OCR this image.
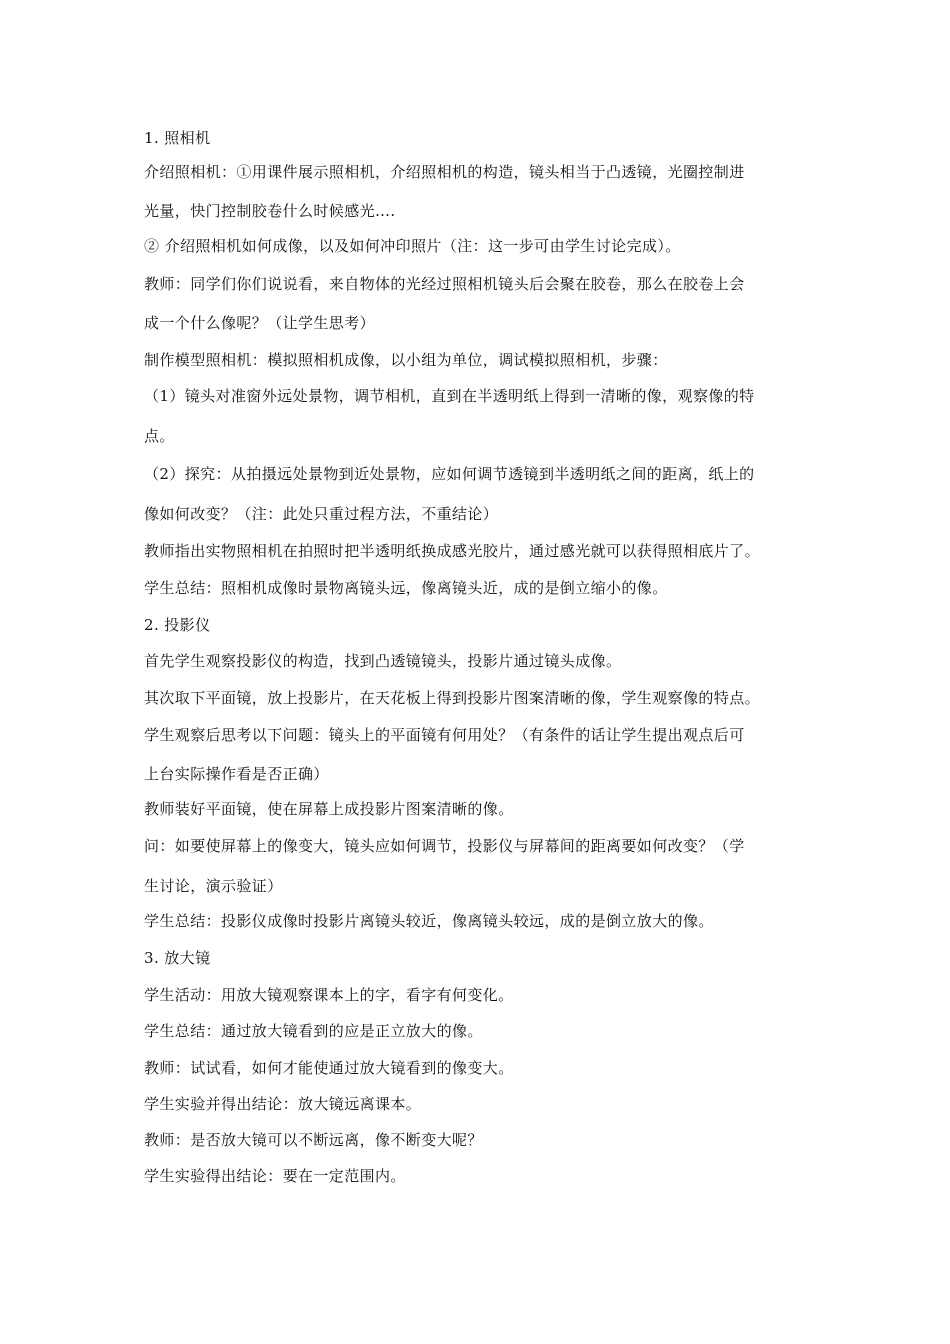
1. 照相机
介绍照相机：①用课件展示照相机，介绍照相机的构造，镜头相当于凸透镜，光圈控制进
光量，快门控制胶卷什么时候感光….
② 介绍照相机如何成像，以及如何冲印照片（注：这一步可由学生讨论完成）。
教师：同学们你们说说看，来自物体的光经过照相机镜头后会聚在胶卷，那么在胶卷上会
成一个什么像呢？（让学生思考）
制作模型照相机：模拟照相机成像，以小组为单位，调试模拟照相机，步骤：
（1）镜头对准窗外远处景物，调节相机，直到在半透明纸上得到一清晰的像，观察像的特
点。
（2）探究：从拍摄远处景物到近处景物，应如何调节透镜到半透明纸之间的距离，纸上的
像如何改变？（注：此处只重过程方法，不重结论）
教师指出实物照相机在拍照时把半透明纸换成感光胶片，通过感光就可以获得照相底片了。
学生总结：照相机成像时景物离镜头远，像离镜头近，成的是倒立缩小的像。
2. 投影仪
首先学生观察投影仪的构造，找到凸透镜镜头，投影片通过镜头成像。
其次取下平面镜，放上投影片，在天花板上得到投影片图案清晰的像，学生观察像的特点。
学生观察后思考以下问题：镜头上的平面镜有何用处？（有条件的话让学生提出观点后可
上台实际操作看是否正确）
教师装好平面镜，使在屏幕上成投影片图案清晰的像。
问：如要使屏幕上的像变大，镜头应如何调节，投影仪与屏幕间的距离要如何改变？（学
生讨论，演示验证）
学生总结：投影仪成像时投影片离镜头较近，像离镜头较远，成的是倒立放大的像。
3. 放大镜
学生活动：用放大镜观察课本上的字，看字有何变化。
学生总结：通过放大镜看到的应是正立放大的像。
教师：试试看，如何才能使通过放大镜看到的像变大。
学生实验并得出结论：放大镜远离课本。
教师：是否放大镜可以不断远离，像不断变大呢？
学生实验得出结论：要在一定范围内。
